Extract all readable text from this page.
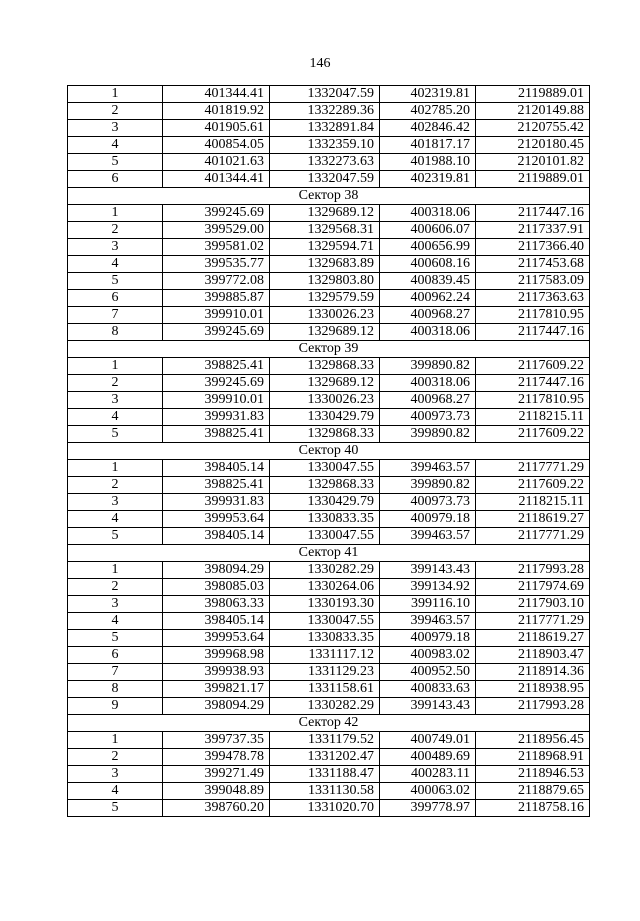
146
1	401344.41	1332047.59	402319.81	2119889.01
2	401819.92	1332289.36	402785.20	2120149.88
3	401905.61	1332891.84	402846.42	2120755.42
4	400854.05	1332359.10	401817.17	2120180.45
5	401021.63	1332273.63	401988.10	2120101.82
6	401344.41	1332047.59	402319.81	2119889.01
Сектор 38				
1	399245.69	1329689.12	400318.06	2117447.16
2	399529.00	1329568.31	400606.07	2117337.91
3	399581.02	1329594.71	400656.99	2117366.40
4	399535.77	1329683.89	400608.16	2117453.68
5	399772.08	1329803.80	400839.45	2117583.09
6	399885.87	1329579.59	400962.24	2117363.63
7	399910.01	1330026.23	400968.27	2117810.95
8	399245.69	1329689.12	400318.06	2117447.16
Сектор 39				
1	398825.41	1329868.33	399890.82	2117609.22
2	399245.69	1329689.12	400318.06	2117447.16
3	399910.01	1330026.23	400968.27	2117810.95
4	399931.83	1330429.79	400973.73	2118215.11
5	398825.41	1329868.33	399890.82	2117609.22
Сектор 40				
1	398405.14	1330047.55	399463.57	2117771.29
2	398825.41	1329868.33	399890.82	2117609.22
3	399931.83	1330429.79	400973.73	2118215.11
4	399953.64	1330833.35	400979.18	2118619.27
5	398405.14	1330047.55	399463.57	2117771.29
Сектор 41				
1	398094.29	1330282.29	399143.43	2117993.28
2	398085.03	1330264.06	399134.92	2117974.69
3	398063.33	1330193.30	399116.10	2117903.10
4	398405.14	1330047.55	399463.57	2117771.29
5	399953.64	1330833.35	400979.18	2118619.27
6	399968.98	1331117.12	400983.02	2118903.47
7	399938.93	1331129.23	400952.50	2118914.36
8	399821.17	1331158.61	400833.63	2118938.95
9	398094.29	1330282.29	399143.43	2117993.28
Сектор 42				
1	399737.35	1331179.52	400749.01	2118956.45
2	399478.78	1331202.47	400489.69	2118968.91
3	399271.49	1331188.47	400283.11	2118946.53
4	399048.89	1331130.58	400063.02	2118879.65
5	398760.20	1331020.70	399778.97	2118758.16
